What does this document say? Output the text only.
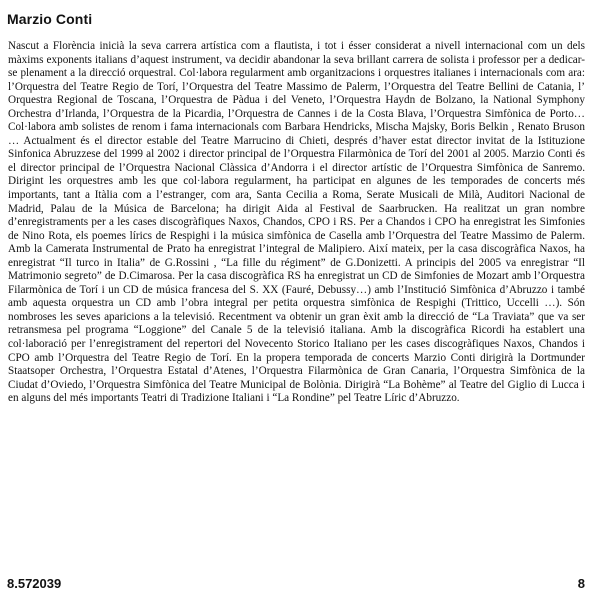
Marzio Conti

Nascut a Florència inicià la seva carrera artística com a flautista, i tot i ésser considerat a nivell internacional com un dels màxims exponents italians d’aquest instrument, va decidir abandonar la seva brillant carrera de solista i professor per a dedicar-se plenament a la direcció orquestral. Col·labora regularment amb organitzacions i orquestres italianes i internacionals com ara: l’Orquestra del Teatre Regio de Torí, l’Orquestra del Teatre Massimo de Palerm, l’Orquestra del Teatre Bellini de Catania, l’ Orquestra Regional de Toscana, l’Orquestra de Pàdua i del Veneto, l’Orquestra Haydn de Bolzano, la National Symphony Orchestra d’Irlanda, l’Orquestra de la Picardia, l’Orquestra de Cannes i de la Costa Blava, l’Orquestra Simfònica de Porto… Col·labora amb solistes de renom i fama internacionals com Barbara Hendricks, Mischa Majsky, Boris Belkin , Renato Bruson … Actualment és el director estable del Teatre Marrucino di Chieti, després d’haver estat director invitat de la Istituzione Sinfonica Abruzzese del 1999 al 2002 i director principal de l’Orquestra Filarmònica de Torí del 2001 al 2005. Marzio Conti és el director principal de l’Orquestra Nacional Clàssica d’Andorra i el director artístic de l’Orquestra Simfònica de Sanremo. Dirigint les orquestres amb les que col·labora regularment, ha participat en algunes de les temporades de concerts més importants, tant a Itàlia com a l’estranger, com ara, Santa Cecilia a Roma, Serate Musicali de Milà, Auditori Nacional de Madrid, Palau de la Música de Barcelona; ha dirigit Aida al Festival de Saarbrucken. Ha realitzat un gran nombre d’enregistraments per a les cases discogràfiques Naxos, Chandos, CPO i RS. Per a Chandos i CPO ha enregistrat les Simfonies de Nino Rota, els poemes lírics de Respighi i la música simfònica de Casella amb l’Orquestra del Teatre Massimo de Palerm. Amb la Camerata Instrumental de Prato ha enregistrat l’integral de Malipiero. Així mateix, per la casa discogràfica Naxos, ha enregistrat “Il turco in Italia” de G.Rossini , “La fille du régiment” de G.Donizetti. A principis del 2005 va enregistrar “Il Matrimonio segreto” de D.Cimarosa. Per la casa discogràfica RS ha enregistrat un CD de Simfonies de Mozart amb l’Orquestra Filarmònica de Torí i un CD de música francesa del S. XX (Fauré, Debussy…) amb l’Institució Simfònica d’Abruzzo i també amb aquesta orquestra un CD amb l’obra integral per petita orquestra simfònica de Respighi (Trittico, Uccelli …). Són nombroses les seves aparicions a la televisió. Recentment va obtenir un gran èxit amb la direcció de “La Traviata” que va ser retransmesa pel programa “Loggione” del Canale 5 de la televisió italiana. Amb la discogràfica Ricordi ha establert una col·laboració per l’enregistrament del repertori del Novecento Storico Italiano per les cases discogràfiques Naxos, Chandos i CPO amb l’Orquestra del Teatre Regio de Torí. En la propera temporada de concerts Marzio Conti dirigirà la Dortmunder Staatsoper Orchestra, l’Orquestra Estatal d’Atenes, l’Orquestra Filarmònica de Gran Canaria, l’Orquestra Simfònica de la Ciudat d’Oviedo, l’Orquestra Simfònica del Teatre Municipal de Bolònia. Dirigirà “La Bohème” al Teatre del Giglio di Lucca i en alguns del més importants Teatri di Tradizione Italiani i “La Rondine” pel Teatre Líric d’Abruzzo.

8.572039	8
